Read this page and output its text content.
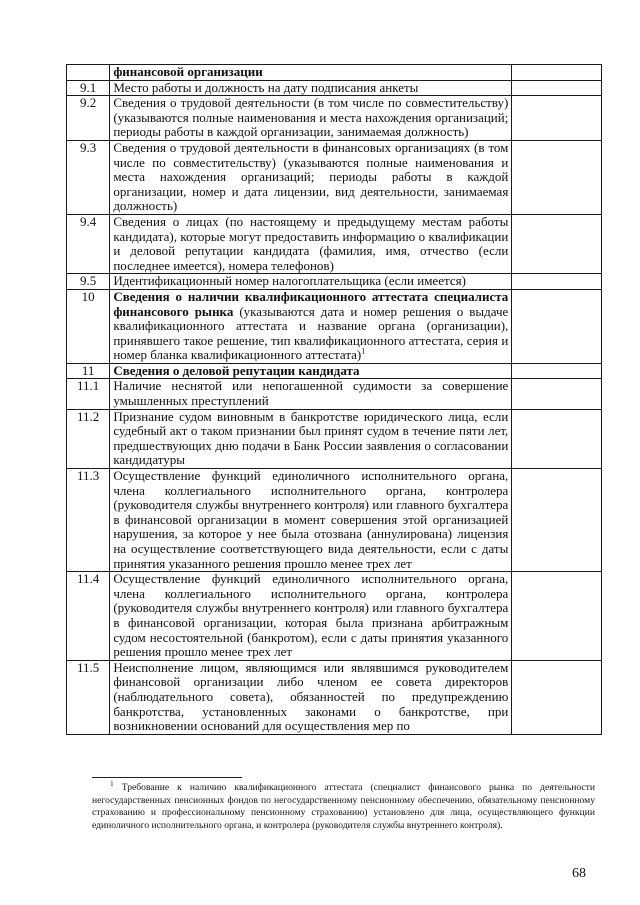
	финансовой организации	
9.1	Место работы и должность на дату подписания анкеты	
9.2	Сведения о трудовой деятельности (в том числе по совместительству) (указываются полные наименования и места нахождения организаций; периоды работы в каждой организации, занимаемая должность)	
9.3	Сведения о трудовой деятельности в финансовых организациях (в том числе по совместительству) (указываются полные наименования и места нахождения организаций; периоды работы в каждой организации, номер и дата лицензии, вид деятельности, занимаемая должность)	
9.4	Сведения о лицах (по настоящему и предыдущему местам работы кандидата), которые могут предоставить информацию о квалификации и деловой репутации кандидата (фамилия, имя, отчество (если последнее имеется), номера телефонов)	
9.5	Идентификационный номер налогоплательщика (если имеется)	
10	Сведения о наличии квалификационного аттестата специалиста финансового рынка (указываются дата и номер решения о выдаче квалификационного аттестата и название органа (организации), принявшего такое решение, тип квалификационного аттестата, серия и номер бланка квалификационного аттестата)$^1$	
11	Сведения о деловой репутации кандидата	
11.1	Наличие неснятой или непогашенной судимости за совершение умышленных преступлений	
11.2	Признание судом виновным в банкротстве юридического лица, если судебный акт о таком признании был принят судом в течение пяти лет, предшествующих дню подачи в Банк России заявления о согласовании кандидатуры	
11.3	Осуществление функций единоличного исполнительного органа, члена коллегиального исполнительного органа, контролера (руководителя службы внутреннего контроля) или главного бухгалтера в финансовой организации в момент совершения этой организацией нарушения, за которое у нее была отозвана (аннулирована) лицензия на осуществление соответствующего вида деятельности, если с даты принятия указанного решения прошло менее трех лет	
11.4	Осуществление функций единоличного исполнительного органа, члена коллегиального исполнительного органа, контролера (руководителя службы внутреннего контроля) или главного бухгалтера в финансовой организации, которая была признана арбитражным судом несостоятельной (банкротом), если с даты принятия указанного решения прошло менее трех лет	
11.5	Неисполнение лицом, являющимся или являвшимся руководителем финансовой организации либо членом ее совета директоров (наблюдательного совета), обязанностей по предупреждению банкротства, установленных законами о банкротстве, при возникновении оснований для осуществления мер по	
1 Требование к наличию квалификационного аттестата (специалист финансового рынка по деятельности негосударственных пенсионных фондов по негосударственному пенсионному обеспечению, обязательному пенсионному страхованию и профессиональному пенсионному страхованию) установлено для лица, осуществляющего функции единоличного исполнительного органа, и контролера (руководителя службы внутреннего контроля).
68
